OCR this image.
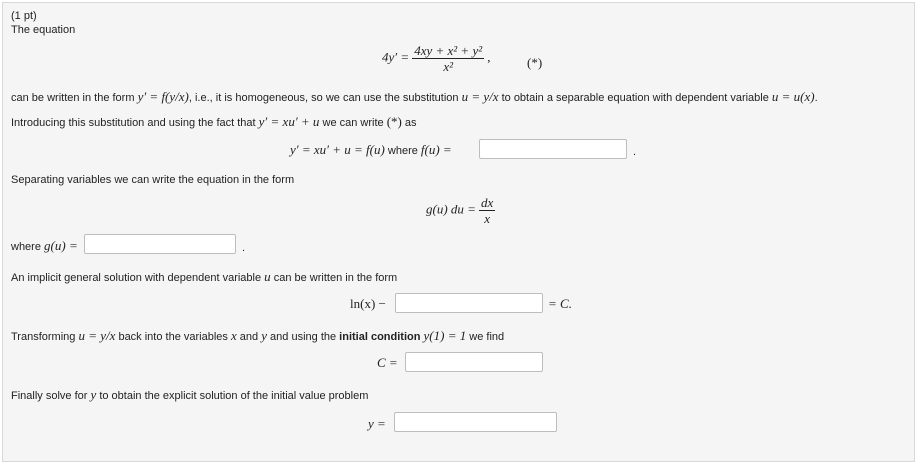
(1 pt)
The equation
$4y' = \frac{\text{4xy + x² + y²}}{\text{x²}}$ ,	(*)
can be written in the form y′ = f(y/x), i.e., it is homogeneous, so we can use the substitution u = y/x to obtain a separable equation with dependent variable u = u(x).
Introducing this substitution and using the fact that y′ = xu′ + u we can write (*) as
y′ = xu′ + u = f(u) where f(u) =	.
Separating variables we can write the equation in the form
g(u) du = $\frac{dx}{x}$
where g(u) =	.
An implicit general solution with dependent variable u can be written in the form
ln(x) −	= C.
Transforming u = y/x back into the variables x and y and using the initial condition y(1) = 1 we find
C =
Finally solve for y to obtain the explicit solution of the initial value problem
y =
